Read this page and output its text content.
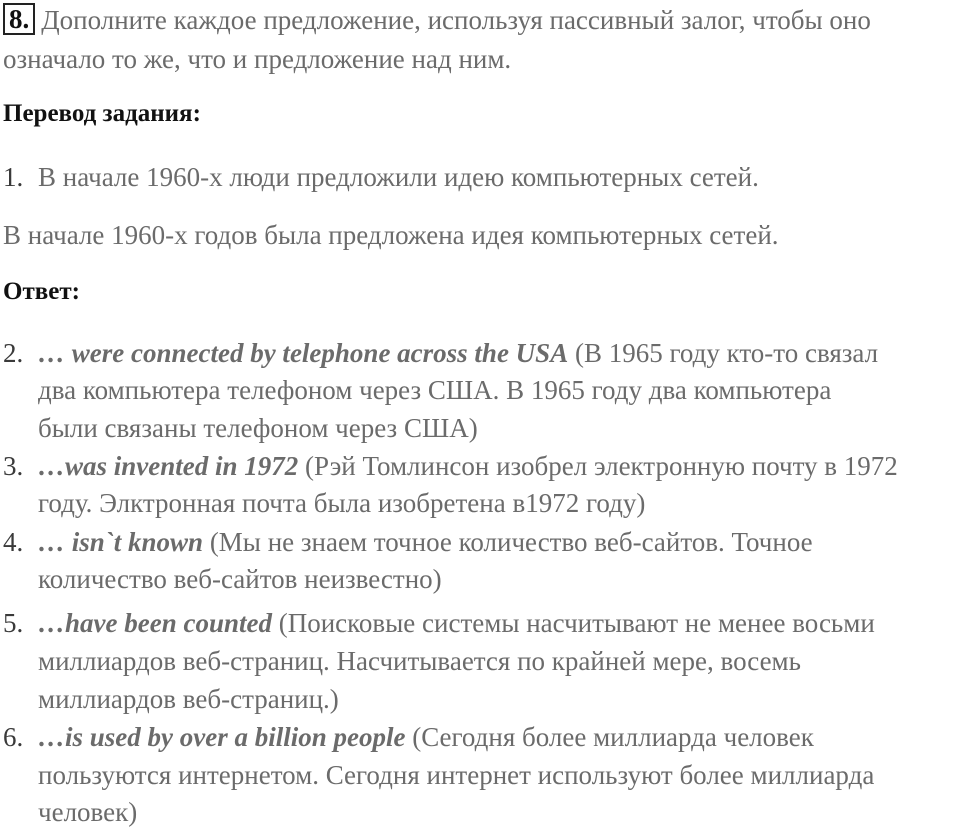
8. Дополните каждое предложение, используя пассивный залог, чтобы оно
означало то же, что и предложение над ним.
Перевод задания:
1. В начале 1960-х люди предложили идею компьютерных сетей.
В начале 1960-х годов была предложена идея компьютерных сетей.
Ответ:
2. … were connected by telephone across the USA (В 1965 году кто-то связал
два компьютера телефоном через США. В 1965 году два компьютера
были связаны телефоном через США)
3. …was invented in 1972 (Рэй Томлинсон изобрел электронную почту в 1972
году. Элктронная почта была изобретена в1972 году)
4. … isn`t known (Мы не знаем точное количество веб-сайтов. Точное
количество веб-сайтов неизвестно)
5. …have been counted (Поисковые системы насчитывают не менее восьми
миллиардов веб-страниц. Насчитывается по крайней мере, восемь
миллиардов веб-страниц.)
6. …is used by over a billion people (Сегодня более миллиарда человек
пользуются интернетом. Сегодня интернет используют более миллиарда
человек)
